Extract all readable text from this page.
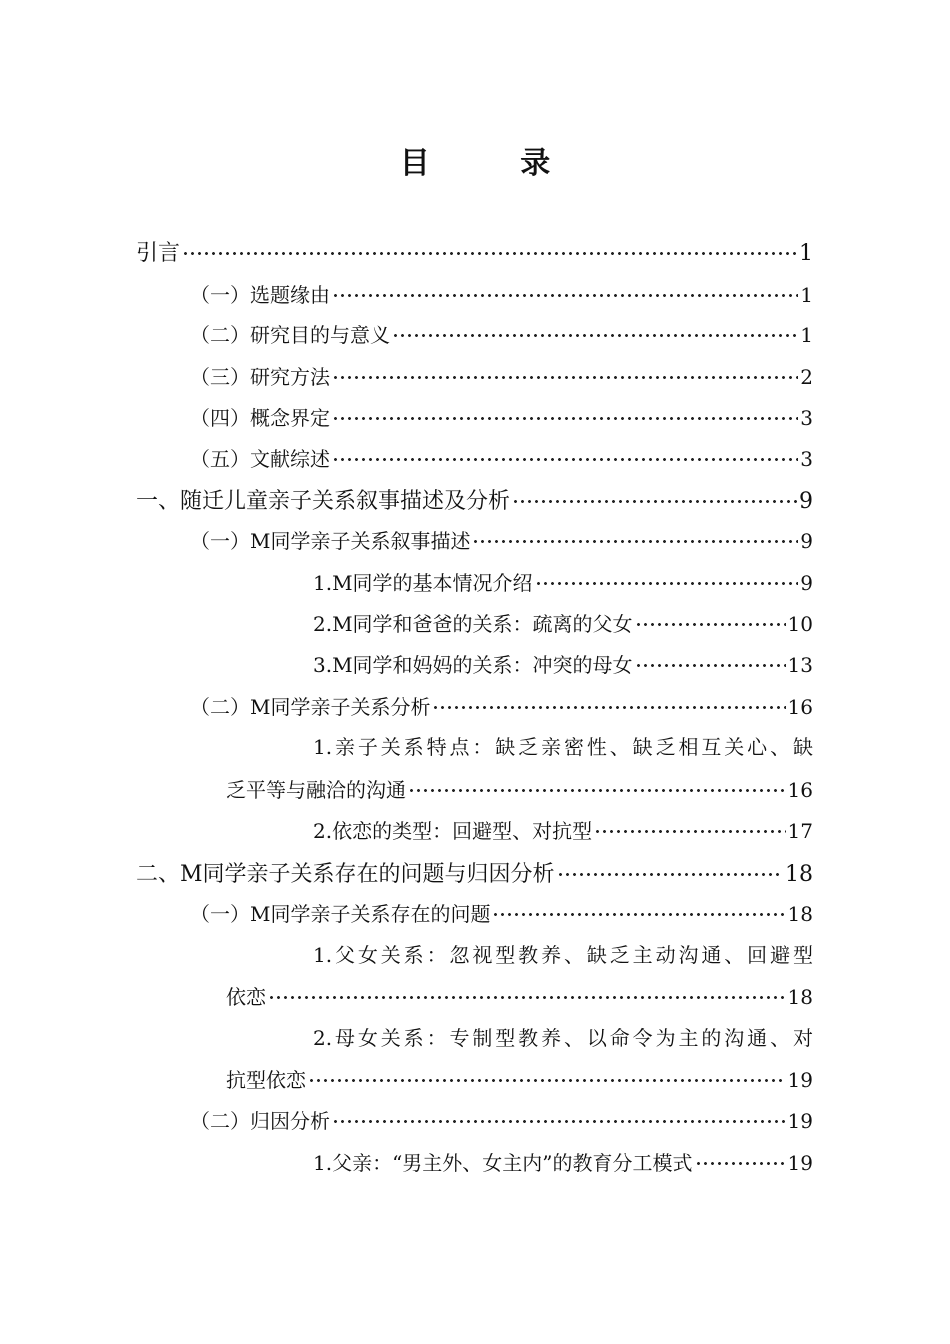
目 录
引言	1
（一）选题缘由	1
（二）研究目的与意义	1
（三）研究方法	2
（四）概念界定	3
（五）文献综述	3
一、随迁儿童亲子关系叙事描述及分析	9
（一）M同学亲子关系叙事描述	9
1.M同学的基本情况介绍	9
2.M同学和爸爸的关系：疏离的父女	10
3.M同学和妈妈的关系：冲突的母女	13
（二）M同学亲子关系分析	16
1.亲子关系特点：缺乏亲密性、缺乏相互关心、缺
乏平等与融洽的沟通	16
2.依恋的类型：回避型、对抗型	17
二、M同学亲子关系存在的问题与归因分析	18
（一）M同学亲子关系存在的问题	18
1.父女关系：忽视型教养、缺乏主动沟通、回避型
依恋	18
2.母女关系：专制型教养、以命令为主的沟通、对
抗型依恋	19
（二）归因分析	19
1.父亲：“男主外、女主内”的教育分工模式	19
